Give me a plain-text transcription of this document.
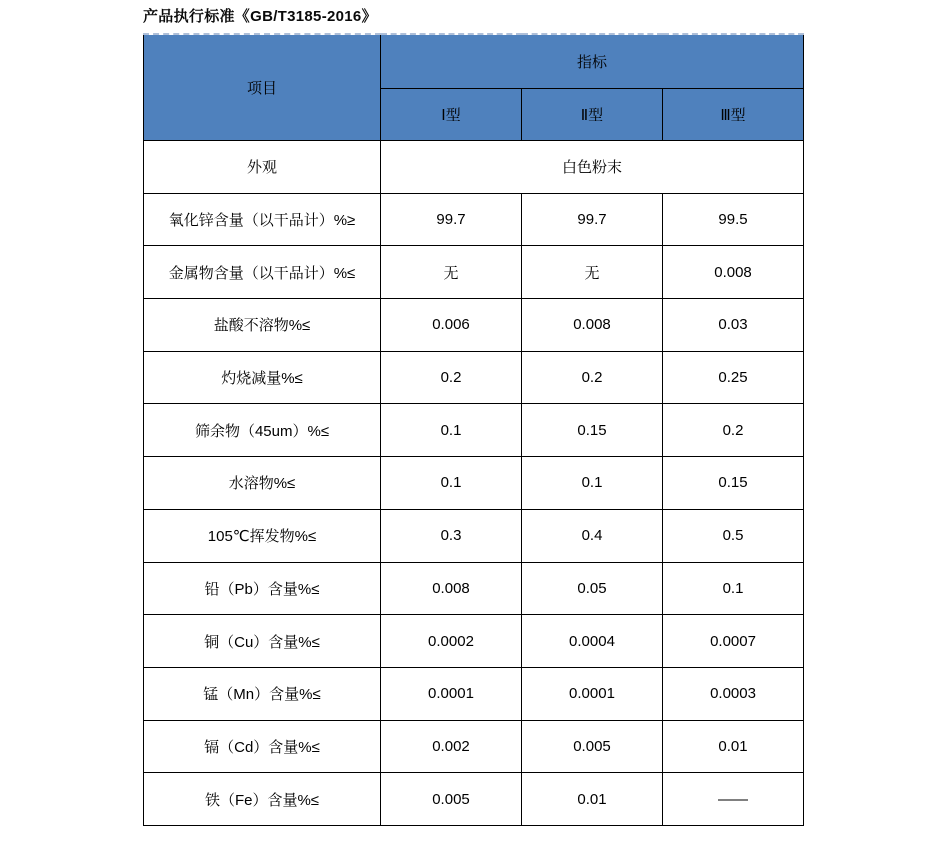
产品执行标准《GB/T3185-2016》
项目	指标		
	Ⅰ型	Ⅱ型	Ⅲ型
外观	白色粉末		
氧化锌含量（以干品计）%≥	99.7	99.7	99.5
金属物含量（以干品计）%≤	无	无	0.008
盐酸不溶物%≤	0.006	0.008	0.03
灼烧减量%≤	0.2	0.2	0.25
筛余物（45um）%≤	0.1	0.15	0.2
水溶物%≤	0.1	0.1	0.15
105℃挥发物%≤	0.3	0.4	0.5
铅（Pb）含量%≤	0.008	0.05	0.1
铜（Cu）含量%≤	0.0002	0.0004	0.0007
锰（Mn）含量%≤	0.0001	0.0001	0.0003
镉（Cd）含量%≤	0.002	0.005	0.01
铁（Fe）含量%≤	0.005	0.01	——
